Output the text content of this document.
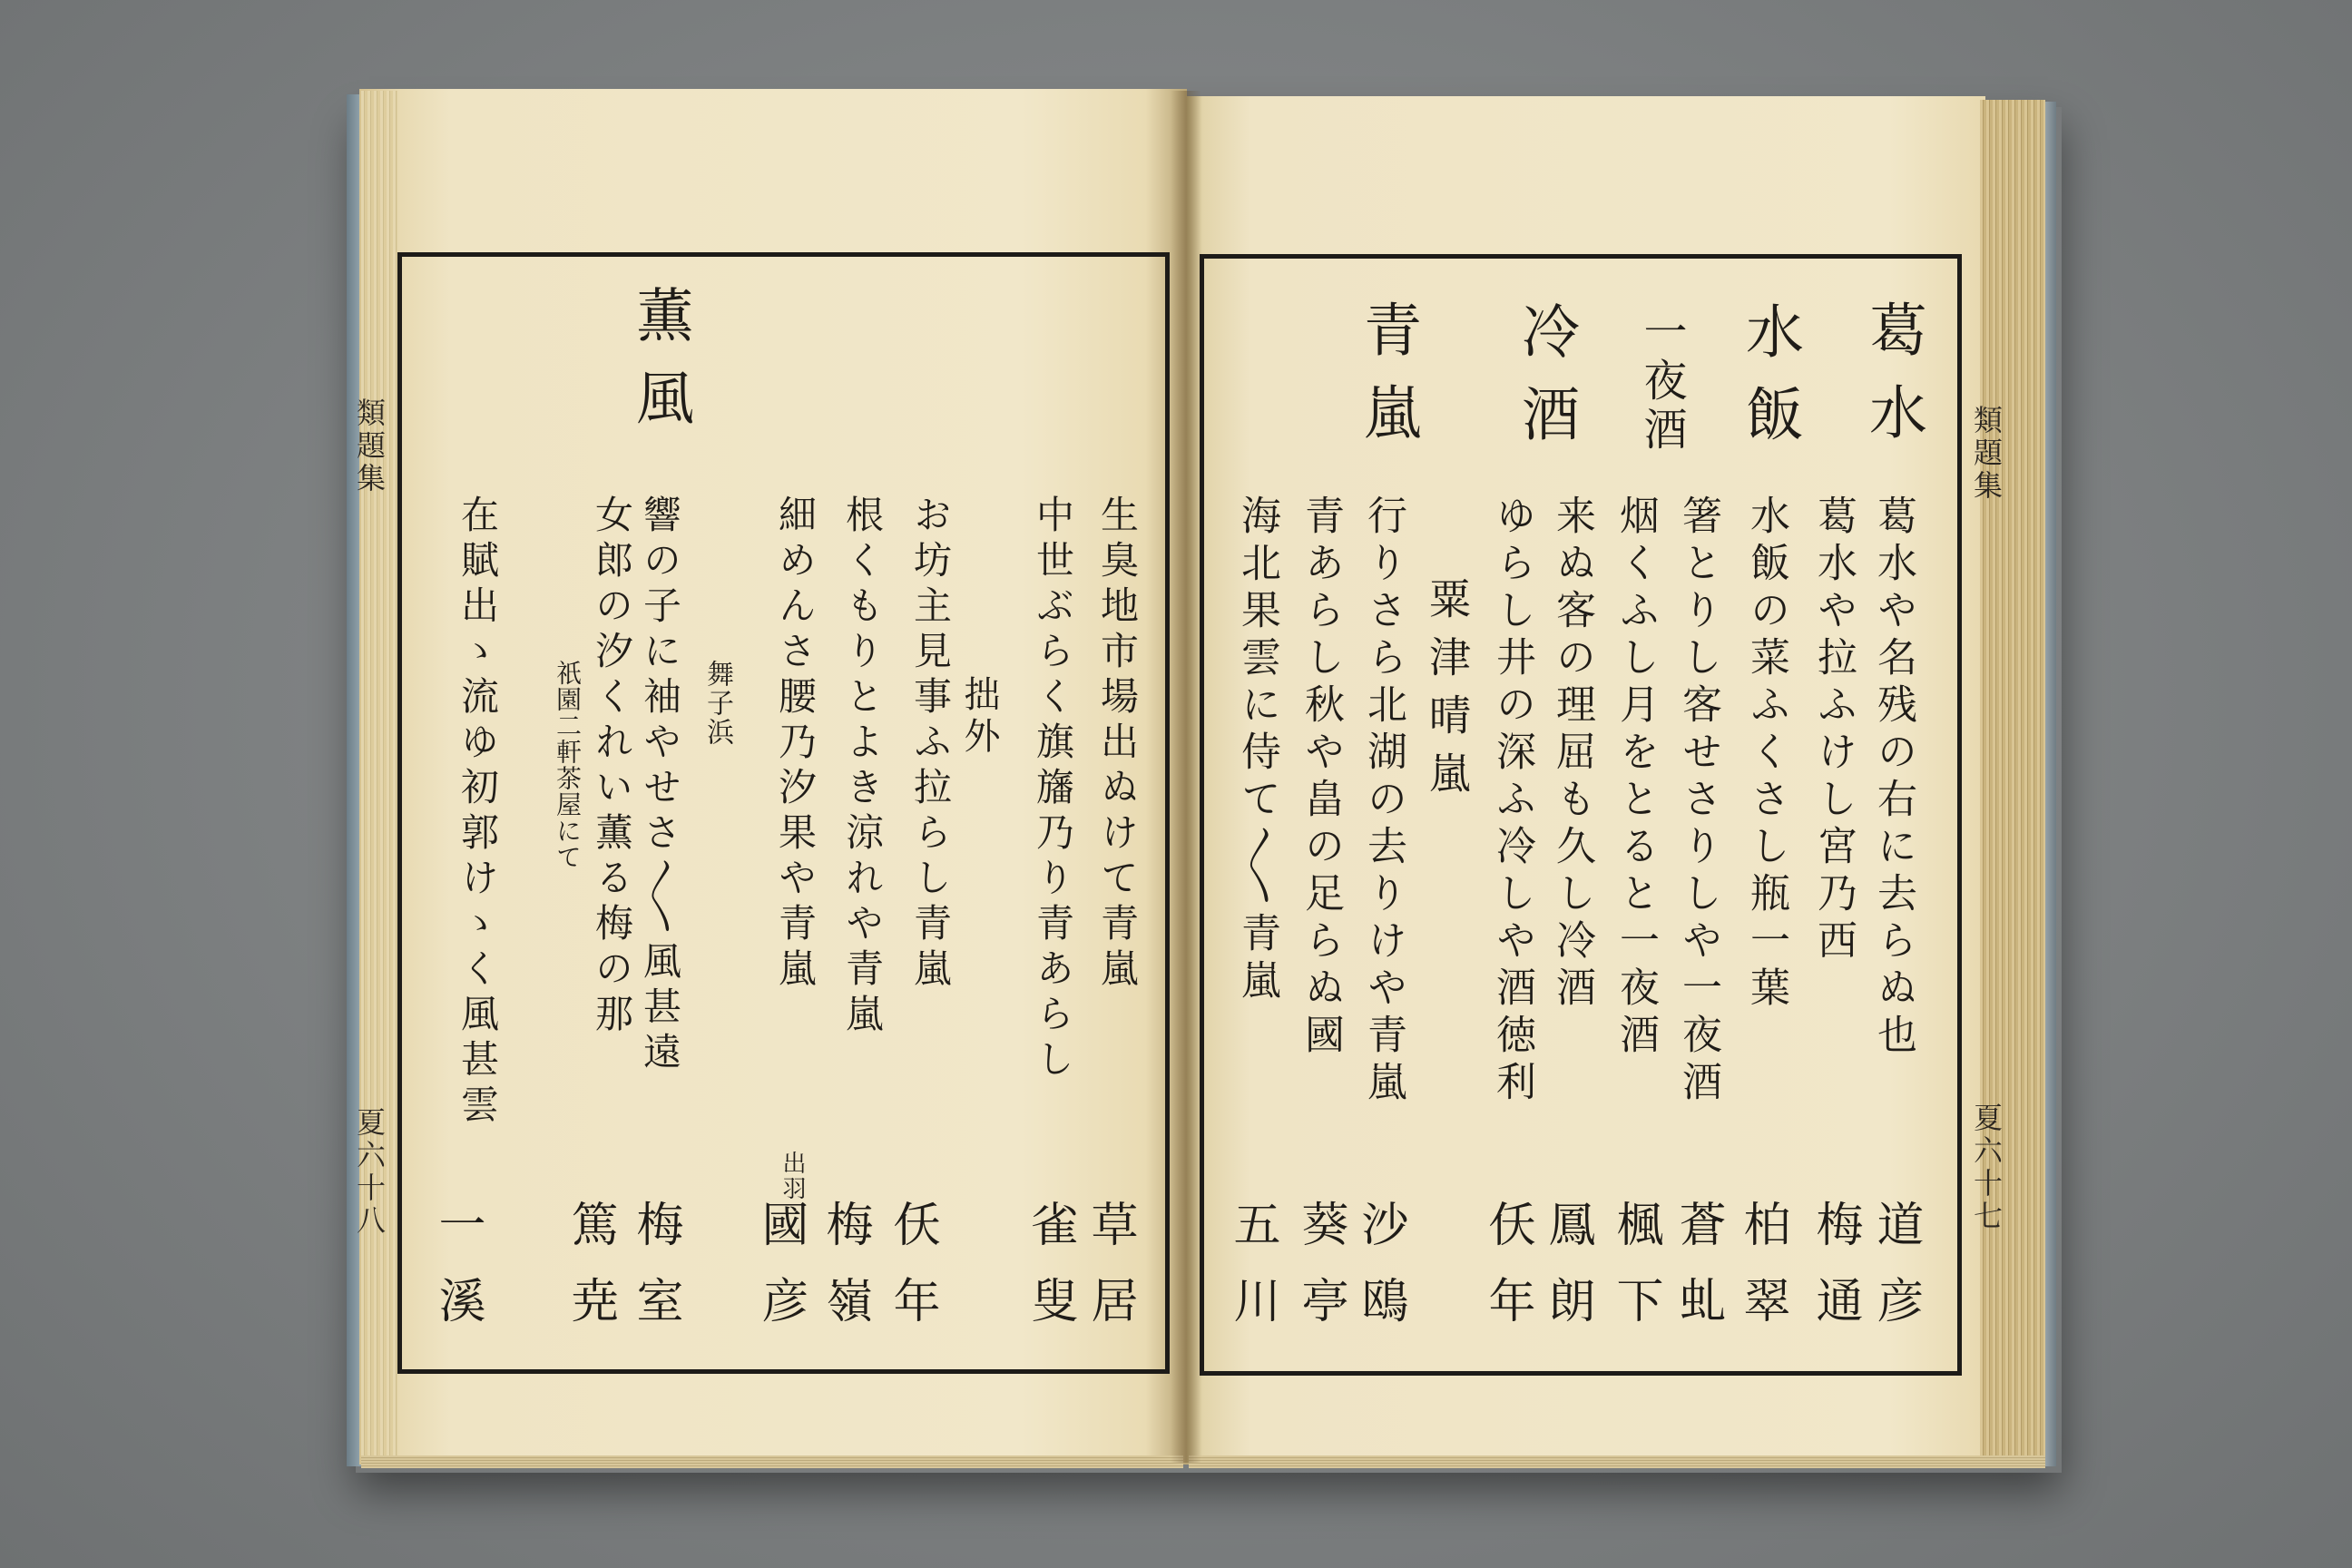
類題集
夏六十八
薫風
生臭地市場出ぬけて青嵐
中世ぶらく旗旛乃り青あらし
拙外
お坊主見事ふ拉らし青嵐
根くもりとよき涼れや青嵐
細めんさ腰乃汐果や青嵐
出羽
舞子浜
響の子に袖やせさ〳〵風甚遠
女郎の汐くれい薫る梅の那
祇園二軒茶屋にて
在賦出ゝ流ゆ初郭けゝく風甚雲
草居
雀叟
仸年
梅嶺
國彦
梅室
篤尭
一溪
類題集
夏六十七
葛水
水飯
一夜酒
冷酒
青嵐
葛水や名残の右に去らぬ也
葛水や拉ふけし宮乃西
水飯の菜ふくさし瓶一葉
箸とりし客せさりしや一夜酒
烟くふし月をとると一夜酒
来ぬ客の理屈も久し冷酒
ゆらし井の深ふ冷しや酒徳利
粟津晴嵐
行りさら北湖の去りけや青嵐
青あらし秋や畠の足らぬ國
海北果雲に侍て〳〵青嵐
道彦
梅通
柏翠
蒼虬
楓下
鳳朗
仸年
沙鴎
葵亭
五川
